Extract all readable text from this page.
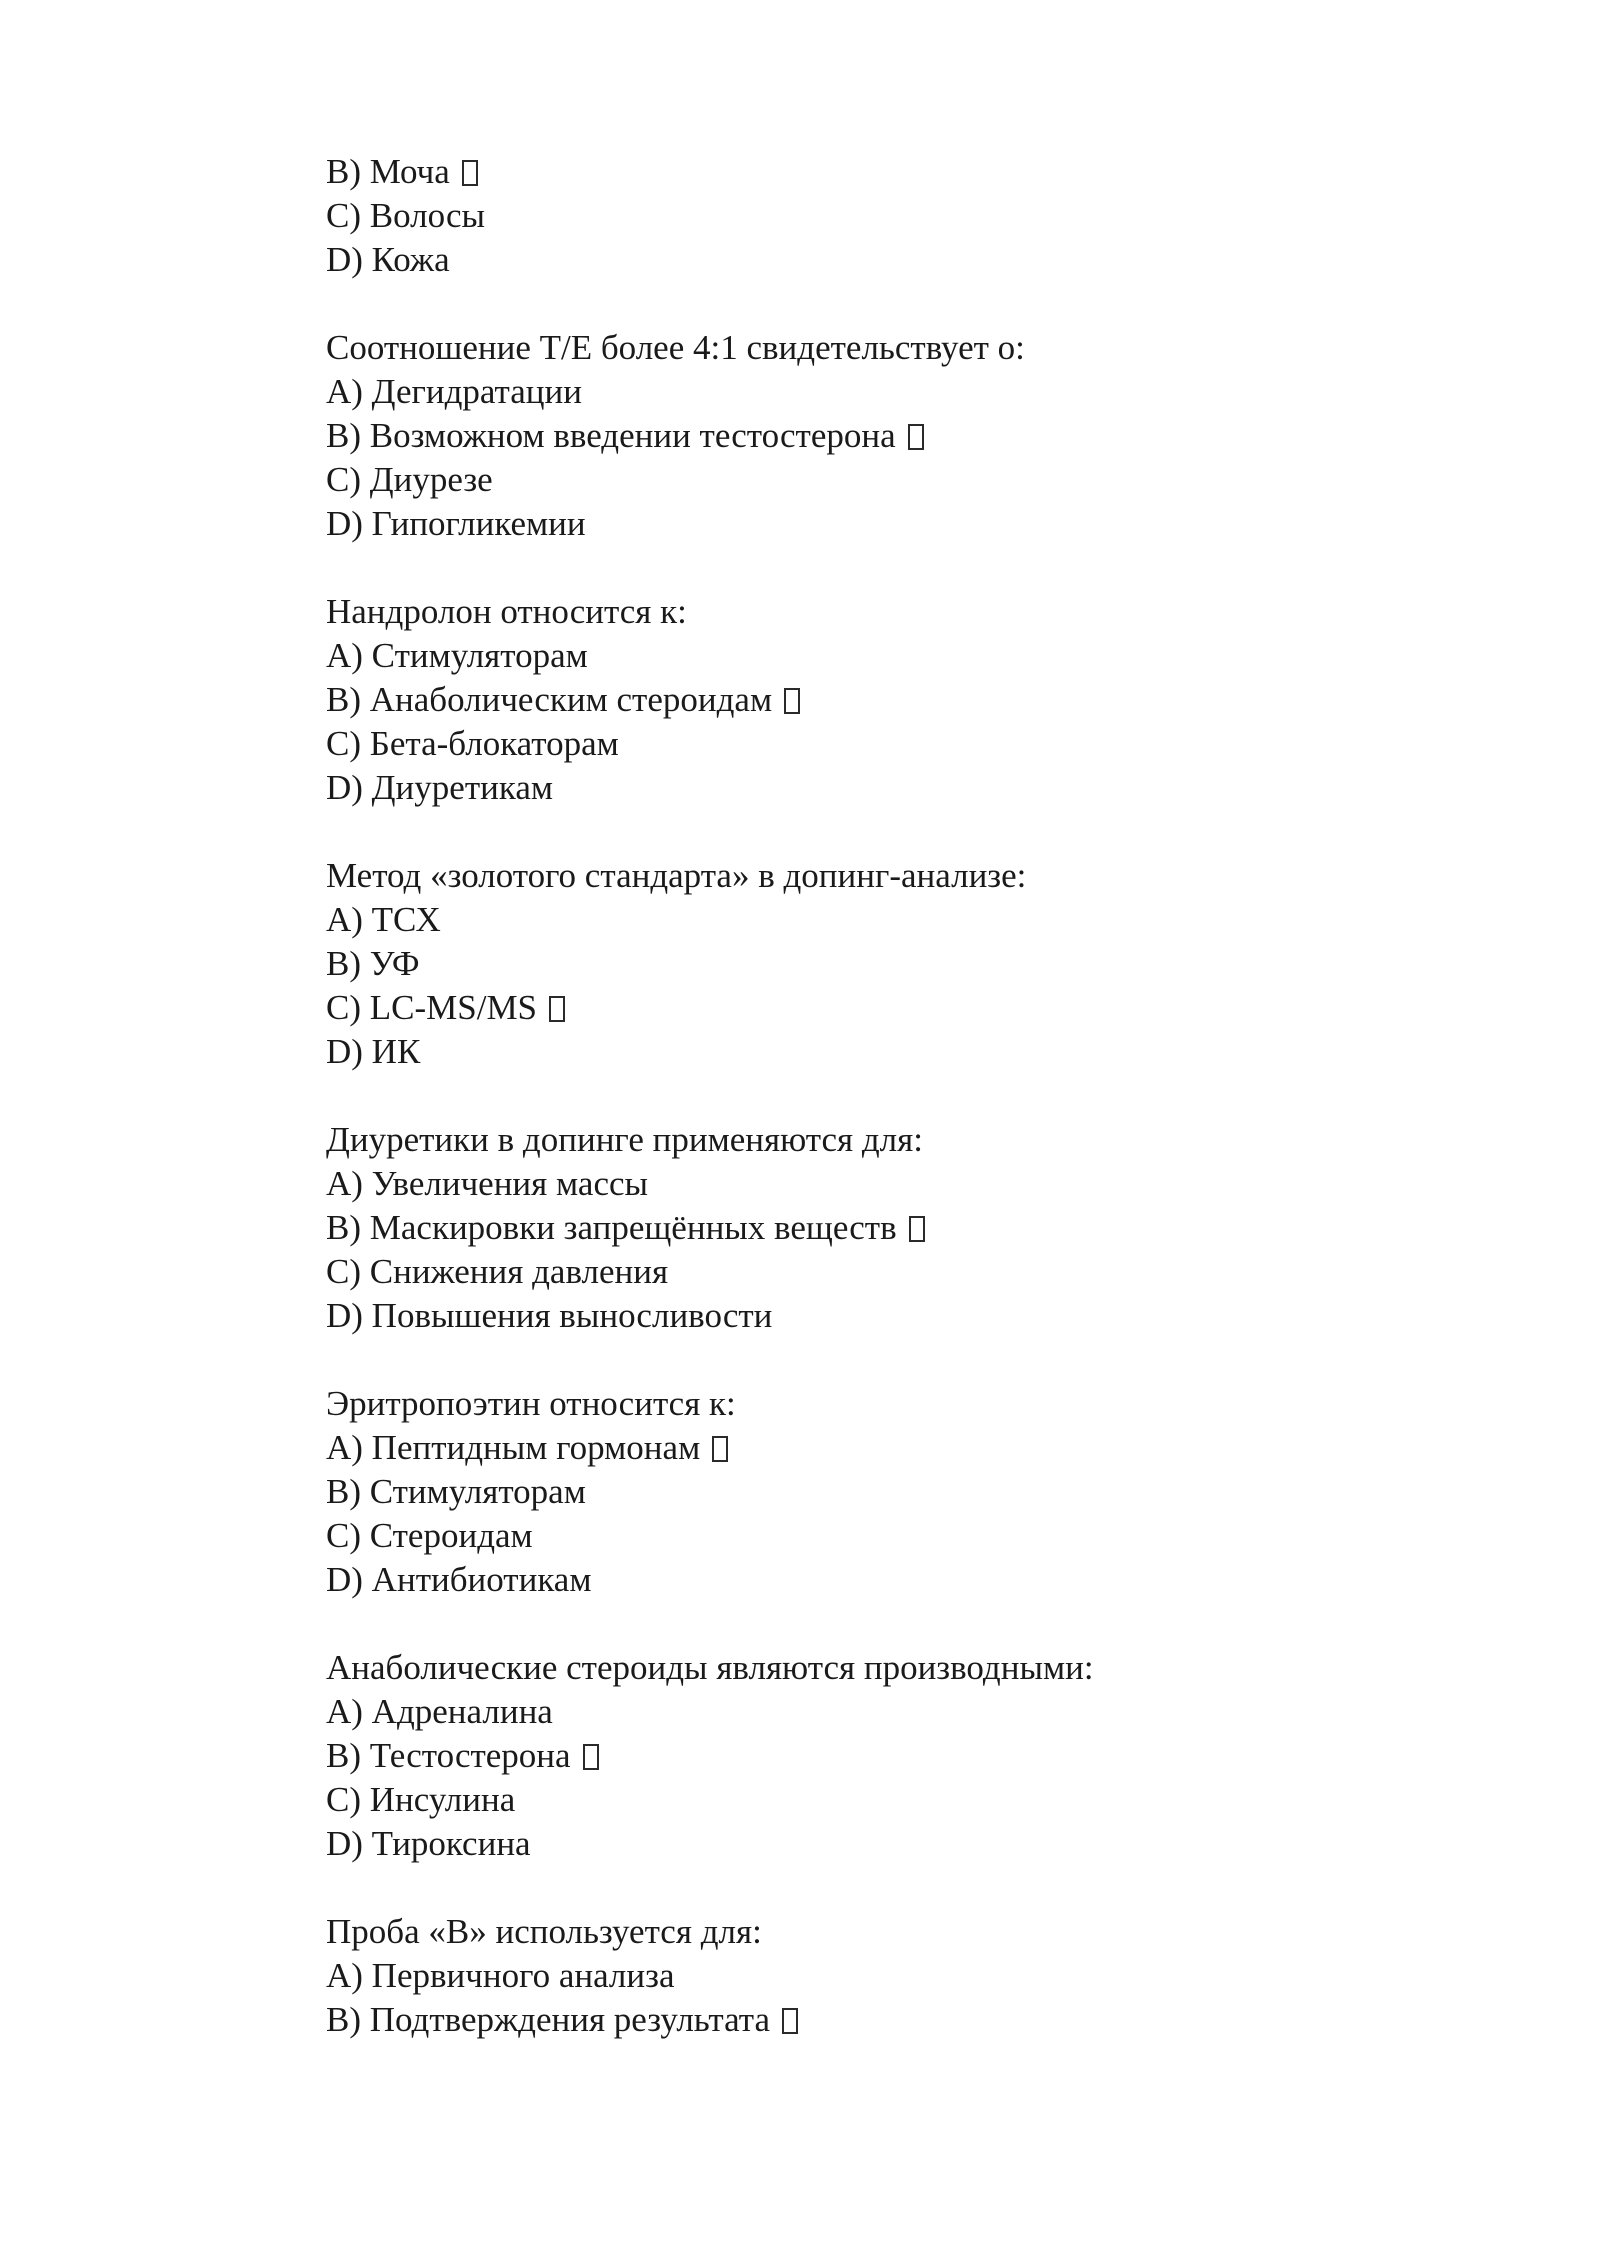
B) Моча
C) Волосы
D) Кожа
Соотношение T/E более 4:1 свидетельствует о:
A) Дегидратации
B) Возможном введении тестостерона
C) Диурезе
D) Гипогликемии
Нандролон относится к:
A) Стимуляторам
B) Анаболическим стероидам
C) Бета-блокаторам
D) Диуретикам
Метод «золотого стандарта» в допинг-анализе:
A) ТСХ
B) УФ
C) LC-MS/MS
D) ИК
Диуретики в допинге применяются для:
A) Увеличения массы
B) Маскировки запрещённых веществ
C) Снижения давления
D) Повышения выносливости
Эритропоэтин относится к:
A) Пептидным гормонам
B) Стимуляторам
C) Стероидам
D) Антибиотикам
Анаболические стероиды являются производными:
A) Адреналина
B) Тестостерона
C) Инсулина
D) Тироксина
Проба «B» используется для:
A) Первичного анализа
B) Подтверждения результата
